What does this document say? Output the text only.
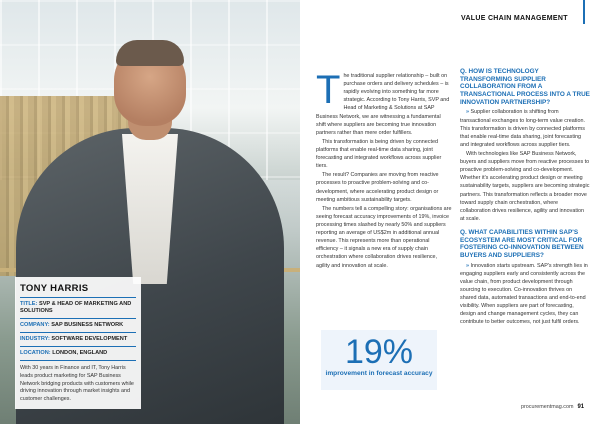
TONY HARRIS
TITLE: SVP & HEAD OF MARKETING AND SOLUTIONS
COMPANY: SAP BUSINESS NETWORK
INDUSTRY: SOFTWARE DEVELOPMENT
LOCATION: LONDON, ENGLAND
With 30 years in Finance and IT, Tony Harris leads product marketing for SAP Business Network bridging products with customers while driving innovation through market insights and customer challenges.
VALUE CHAIN MANAGEMENT

The traditional supplier relationship – built on purchase orders and delivery schedules – is rapidly evolving into something far more strategic. According to Tony Harris, SVP and Head of Marketing & Solutions at SAP Business Network, we are witnessing a fundamental shift where suppliers are becoming true innovation partners rather than mere order fulfillers.

This transformation is being driven by connected platforms that enable real-time data sharing, joint forecasting and integrated workflows across supplier tiers.

The result? Companies are moving from reactive processes to proactive problem-solving and co-development, where accelerating product design or meeting ambitious sustainability targets.

The numbers tell a compelling story: organisations are seeing forecast accuracy improvements of 19%, invoice processing times slashed by nearly 50% and suppliers reporting an average of US$2m in additional annual revenue. This represents more than operational efficiency – it signals a new era of supply chain orchestration where collaboration drives resilience, agility and innovation at scale.

19%
improvement in forecast accuracy
Q. HOW IS TECHNOLOGY TRANSFORMING SUPPLIER COLLABORATION FROM A TRANSACTIONAL PROCESS INTO A TRUE INNOVATION PARTNERSHIP?

» Supplier collaboration is shifting from transactional exchanges to long-term value creation. This transformation is driven by connected platforms that enable real-time data sharing, joint forecasting and integrated workflows across supplier tiers.

With technologies like SAP Business Network, buyers and suppliers move from reactive processes to proactive problem-solving and co-development. Whether it's accelerating product design or meeting sustainability targets, suppliers are becoming strategic partners. This transformation reflects a broader move toward supply chain orchestration, where collaboration drives resilience, agility and innovation at scale.

Q. WHAT CAPABILITIES WITHIN SAP'S ECOSYSTEM ARE MOST CRITICAL FOR FOSTERING CO-INNOVATION BETWEEN BUYERS AND SUPPLIERS?

» Innovation starts upstream. SAP's strength lies in engaging suppliers early and consistently across the value chain, from product development through sourcing to execution. Co-innovation thrives on shared data, automated transactions and end-to-end visibility. When suppliers are part of forecasting, design and change management cycles, they can contribute to better outcomes, not just fulfil orders.

procurementmag.com 91
